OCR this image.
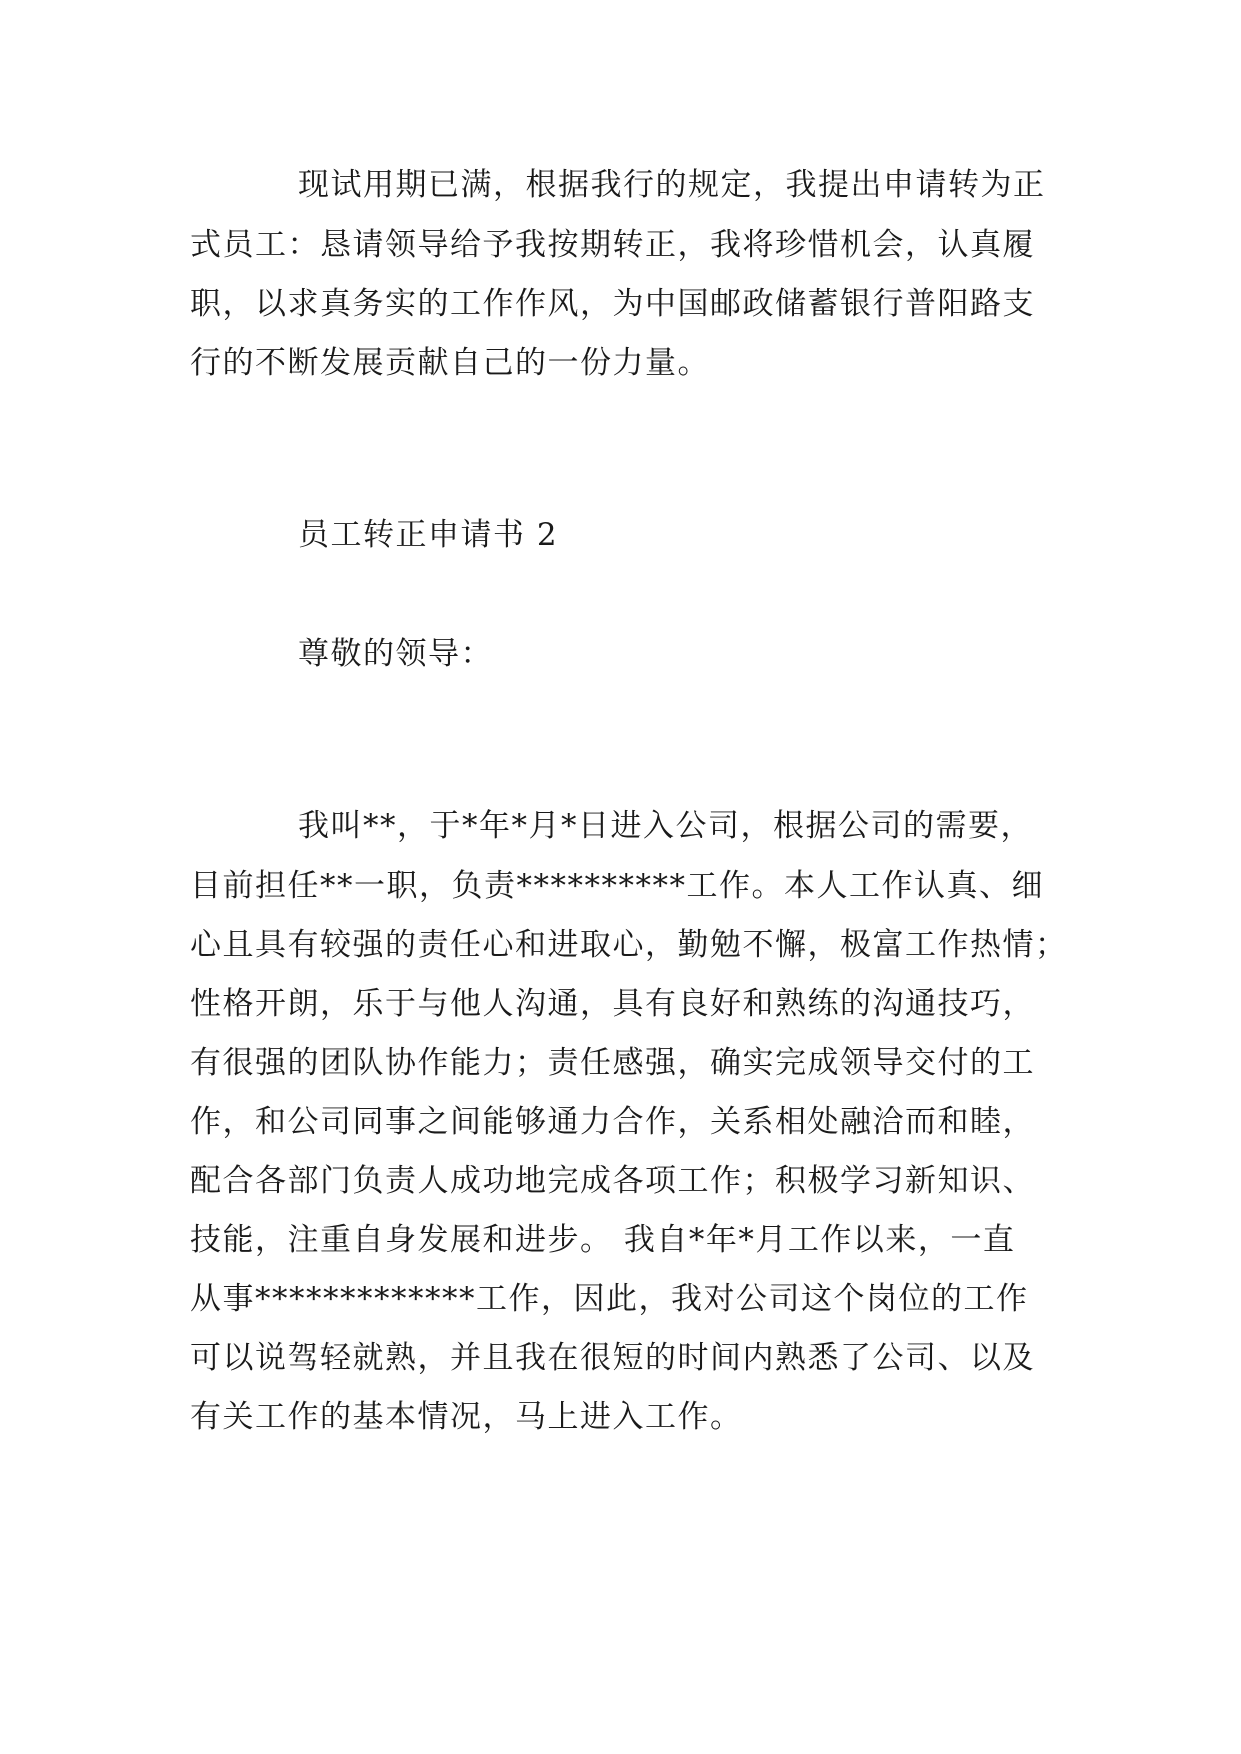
现试用期已满，根据我行的规定，我提出申请转为正
式员工：恳请领导给予我按期转正，我将珍惜机会，认真履
职，以求真务实的工作作风，为中国邮政储蓄银行普阳路支
行的不断发展贡献自己的一份力量。
员工转正申请书 2
尊敬的领导：
我叫**，于*年*月*日进入公司，根据公司的需要，
目前担任**一职，负责**********工作。本人工作认真、细
心且具有较强的责任心和进取心，勤勉不懈，极富工作热情；
性格开朗，乐于与他人沟通，具有良好和熟练的沟通技巧，
有很强的团队协作能力；责任感强，确实完成领导交付的工
作，和公司同事之间能够通力合作，关系相处融洽而和睦，
配合各部门负责人成功地完成各项工作；积极学习新知识、
技能，注重自身发展和进步。 我自*年*月工作以来，一直
从事*************工作，因此，我对公司这个岗位的工作
可以说驾轻就熟，并且我在很短的时间内熟悉了公司、以及
有关工作的基本情况，马上进入工作。
